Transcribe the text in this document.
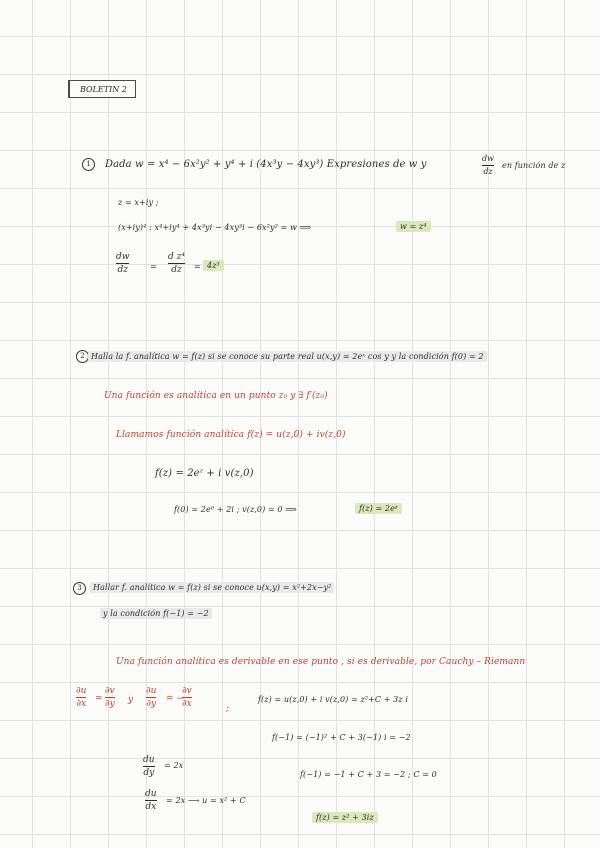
BOLETIN 2
1	Dada w = x⁴ − 6x²y² + y⁴ + i (4x³y − 4xy³) Expresiones de w y
dw
dz
en función de z
z = x+iy ;
(x+iy)⁴ : x⁴+iy⁴ + 4x³yi − 4xy³i − 6x²y² = w ⟹	w = z⁴
dw
dz	=
d z⁴
dz	= 4z³
2 Halla la f. analítica w = f(z) si se conoce su parte real u(x,y) = 2eˣ cos y y la condición f(0) = 2
Una función es analítica en un punto z₀ y ∃ f′(z₀)
Llamamos función analítica f(z) = u(z,0) + iv(z,0)
f(z) = 2eᶻ + i v(z,0)
f(0) = 2e⁰ + 2i ; v(z,0) = 0 ⟹	f(z) = 2eᶻ
3	Hallar f. analítica w = f(z) si se conoce u(x,y) = x²+2x−y²
y la condición f(−1) = −2
Una función analítica es derivable en ese punto , si es derivable, por Cauchy – Riemann
∂u
∂x =
∂v
∂y y
∂u
∂y = −
∂v
∂x	;
f(z) = u(z,0) + i v(z,0) = z²+C + 3z i
f(−1) = (−1)² + C + 3(−1) i = −2
du
dy
= 2x
f(−1) = −1 + C + 3 = −2 ; C = 0
du
dx
= 2x ⟶ u = x² + C
f(z) = z² + 3iz
